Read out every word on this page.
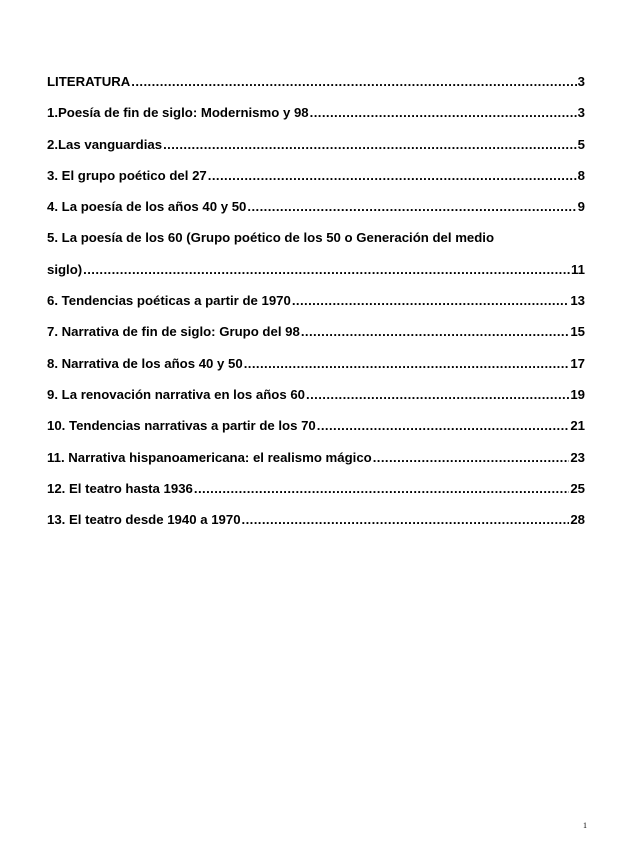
LITERATURA .....	3
1.Poesía de fin de siglo: Modernismo y 98 .....	3
2.Las vanguardias .....	5
3. El grupo poético del 27 .....	8
4. La poesía de los años 40 y 50 .....	9
5. La poesía de los 60 (Grupo poético de los 50 o Generación del medio
siglo) .....	11
6. Tendencias poéticas a partir de 1970 .....	13
7. Narrativa de fin de siglo: Grupo del 98 .....	15
8. Narrativa de los años 40 y 50 .....	17
9. La renovación narrativa en los años 60 .....	19
10. Tendencias narrativas a partir de los 70 .....	21
11. Narrativa hispanoamericana: el realismo mágico .....	23
12. El teatro hasta 1936 .....	25
13. El teatro desde 1940 a 1970 .....	28
1
